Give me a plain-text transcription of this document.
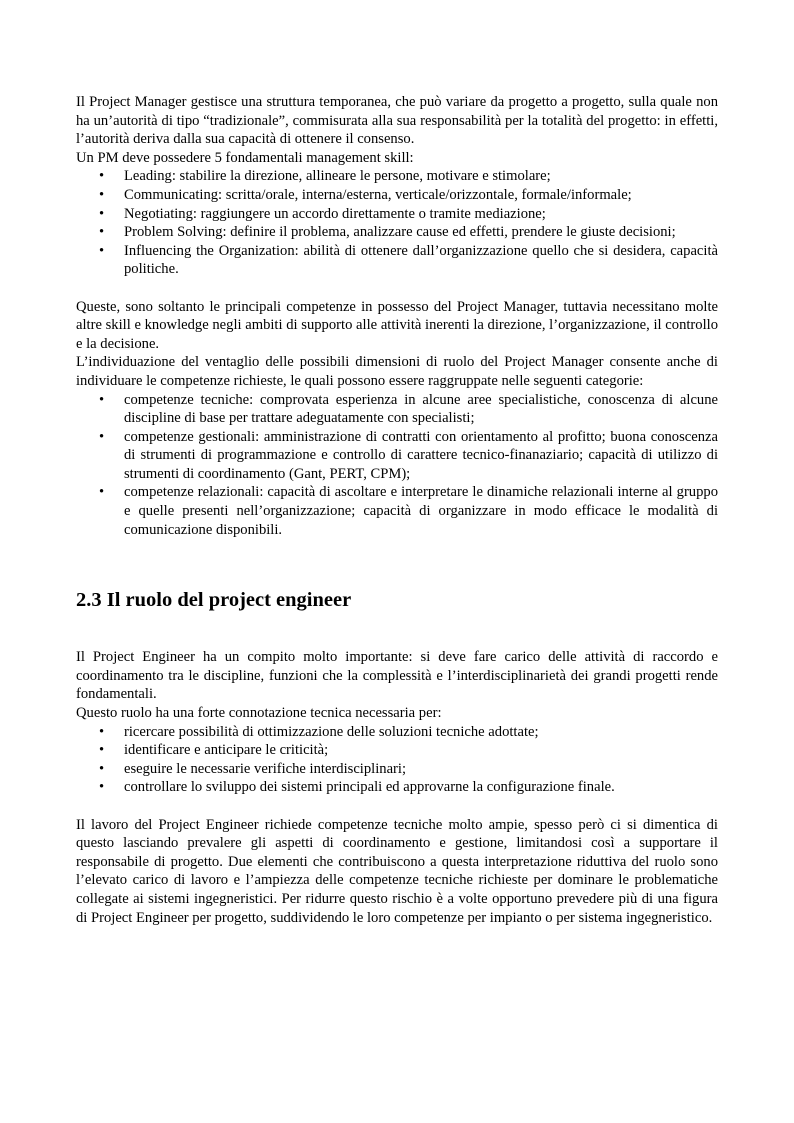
Il Project Manager gestisce una struttura temporanea, che può variare da progetto a progetto, sulla quale non ha un’autorità di tipo “tradizionale”, commisurata alla sua responsabilità per la totalità del progetto: in effetti, l’autorità deriva dalla sua capacità di ottenere il consenso.

Un PM deve possedere 5 fondamentali management skill:

• Leading: stabilire la direzione, allineare le persone, motivare e stimolare;
• Communicating: scritta/orale, interna/esterna, verticale/orizzontale, formale/informale;
• Negotiating: raggiungere un accordo direttamente o tramite mediazione;
• Problem Solving: definire il problema, analizzare cause ed effetti, prendere le giuste decisioni;
• Influencing the Organization: abilità di ottenere dall’organizzazione quello che si desidera, capacità politiche.

Queste, sono soltanto le principali competenze in possesso del Project Manager, tuttavia necessitano molte altre skill e knowledge negli ambiti di supporto alle attività inerenti la direzione, l’organizzazione, il controllo e la decisione.

L’individuazione del ventaglio delle possibili dimensioni di ruolo del Project Manager consente anche di individuare le competenze richieste, le quali possono essere raggruppate nelle seguenti categorie:

• competenze tecniche: comprovata esperienza in alcune aree specialistiche, conoscenza di alcune discipline di base per trattare adeguatamente con specialisti;
• competenze gestionali: amministrazione di contratti con orientamento al profitto; buona conoscenza di strumenti di programmazione e controllo di carattere tecnico-finanaziario; capacità di utilizzo di strumenti di coordinamento (Gant, PERT, CPM);
• competenze relazionali: capacità di ascoltare e interpretare le dinamiche relazionali interne al gruppo e quelle presenti nell’organizzazione; capacità di organizzare in modo efficace le modalità di comunicazione disponibili.
2.3 Il ruolo del project engineer

Il Project Engineer ha un compito molto importante: si deve fare carico delle attività di raccordo e coordinamento tra le discipline, funzioni che la complessità e l’interdisciplinarietà dei grandi progetti rende fondamentali.

Questo ruolo ha una forte connotazione tecnica necessaria per:

• ricercare possibilità di ottimizzazione delle soluzioni tecniche adottate;
• identificare e anticipare le criticità;
• eseguire le necessarie verifiche interdisciplinari;
• controllare lo sviluppo dei sistemi principali ed approvarne la configurazione finale.

Il lavoro del Project Engineer richiede competenze tecniche molto ampie, spesso però ci si dimentica di questo lasciando prevalere gli aspetti di coordinamento e gestione, limitandosi così a supportare il responsabile di progetto. Due elementi che contribuiscono a questa interpretazione riduttiva del ruolo sono l’elevato carico di lavoro e l’ampiezza delle competenze tecniche richieste per dominare le problematiche collegate ai sistemi ingegneristici. Per ridurre questo rischio è a volte opportuno prevedere più di una figura di Project Engineer per progetto, suddividendo le loro competenze per impianto o per sistema ingegneristico.
